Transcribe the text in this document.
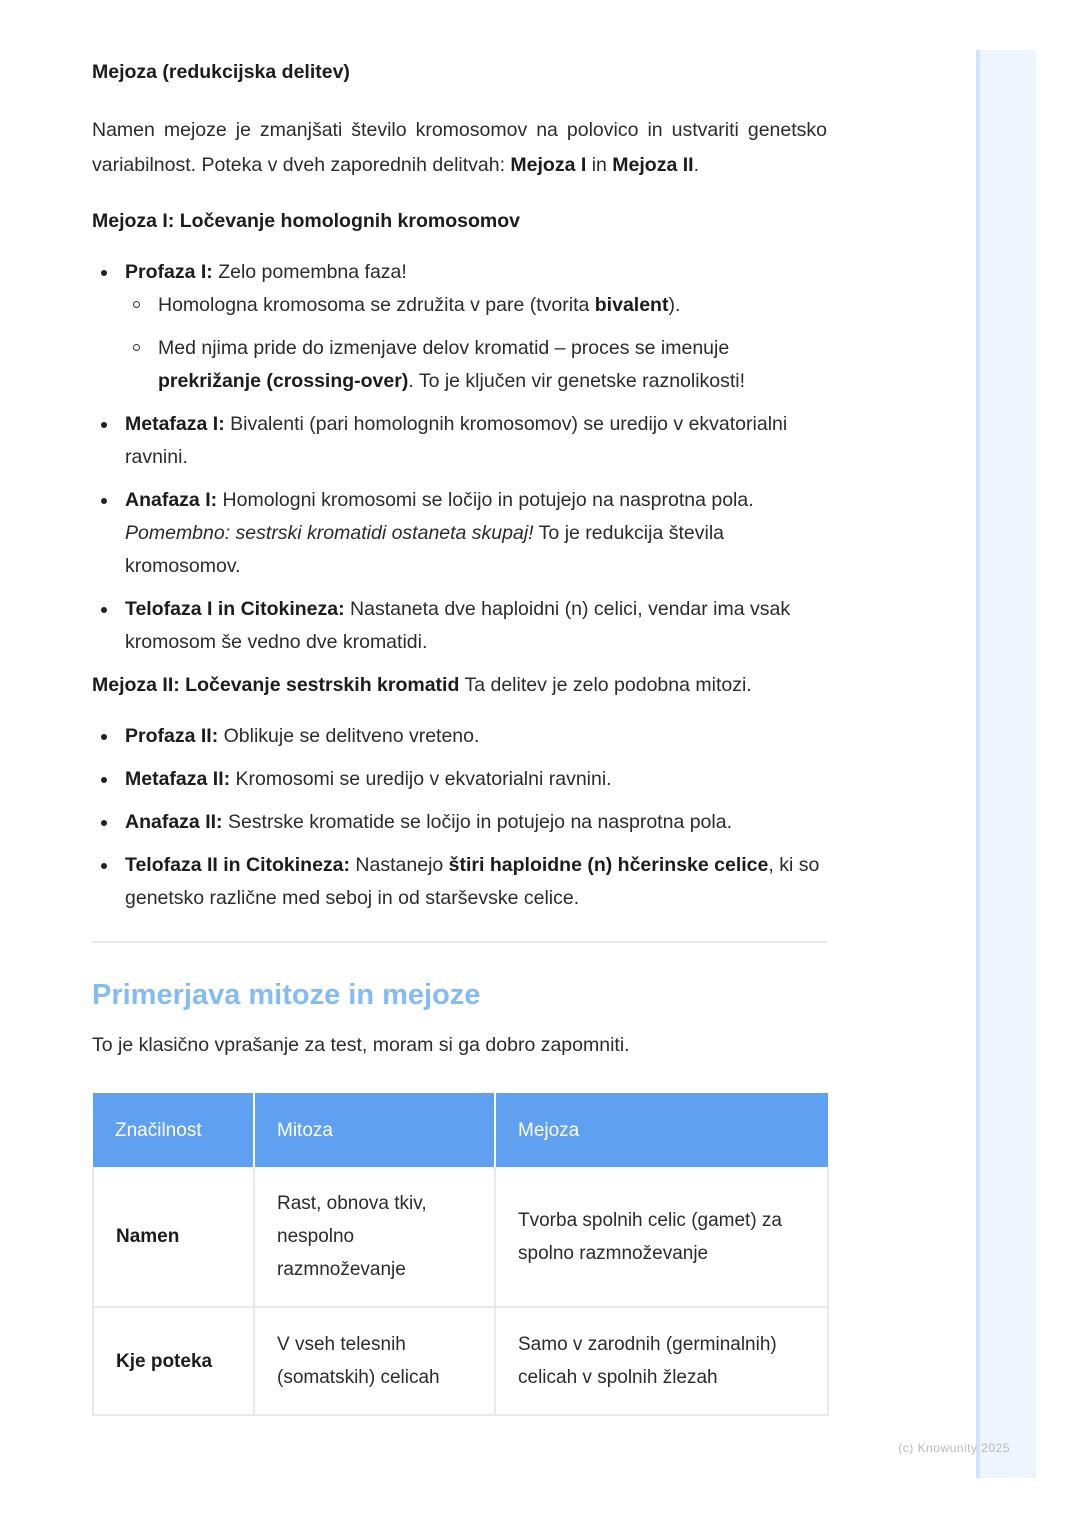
(c) Knowunity 2025

Mejoza (redukcijska delitev)

Namen mejoze je zmanjšati število kromosomov na polovico in ustvariti genetsko variabilnost. Poteka v dveh zaporednih delitvah: Mejoza I in Mejoza II.

Mejoza I: Ločevanje homolognih kromosomov

Profaza I: Zelo pomembna faza!
Homologna kromosoma se združita v pare (tvorita bivalent).
Med njima pride do izmenjave delov kromatid – proces se imenuje prekrižanje (crossing-over). To je ključen vir genetske raznolikosti!
Metafaza I: Bivalenti (pari homolognih kromosomov) se uredijo v ekvatorialni ravnini.
Anafaza I: Homologni kromosomi se ločijo in potujejo na nasprotna pola. Pomembno: sestrski kromatidi ostaneta skupaj! To je redukcija števila kromosomov.
Telofaza I in Citokineza: Nastaneta dve haploidni (n) celici, vendar ima vsak kromosom še vedno dve kromatidi.

Mejoza II: Ločevanje sestrskih kromatid Ta delitev je zelo podobna mitozi.

Profaza II: Oblikuje se delitveno vreteno.
Metafaza II: Kromosomi se uredijo v ekvatorialni ravnini.
Anafaza II: Sestrske kromatide se ločijo in potujejo na nasprotna pola.
Telofaza II in Citokineza: Nastanejo štiri haploidne (n) hčerinske celice, ki so genetsko različne med seboj in od starševske celice.
Primerjava mitoze in mejoze

To je klasično vprašanje za test, moram si ga dobro zapomniti.

Značilnost	Mitoza	Mejoza
Namen	Rast, obnova tkiv, nespolno razmnoževanje	Tvorba spolnih celic (gamet) za spolno razmnoževanje
Kje poteka	V vseh telesnih (somatskih) celicah	Samo v zarodnih (germinalnih) celicah v spolnih žlezah
